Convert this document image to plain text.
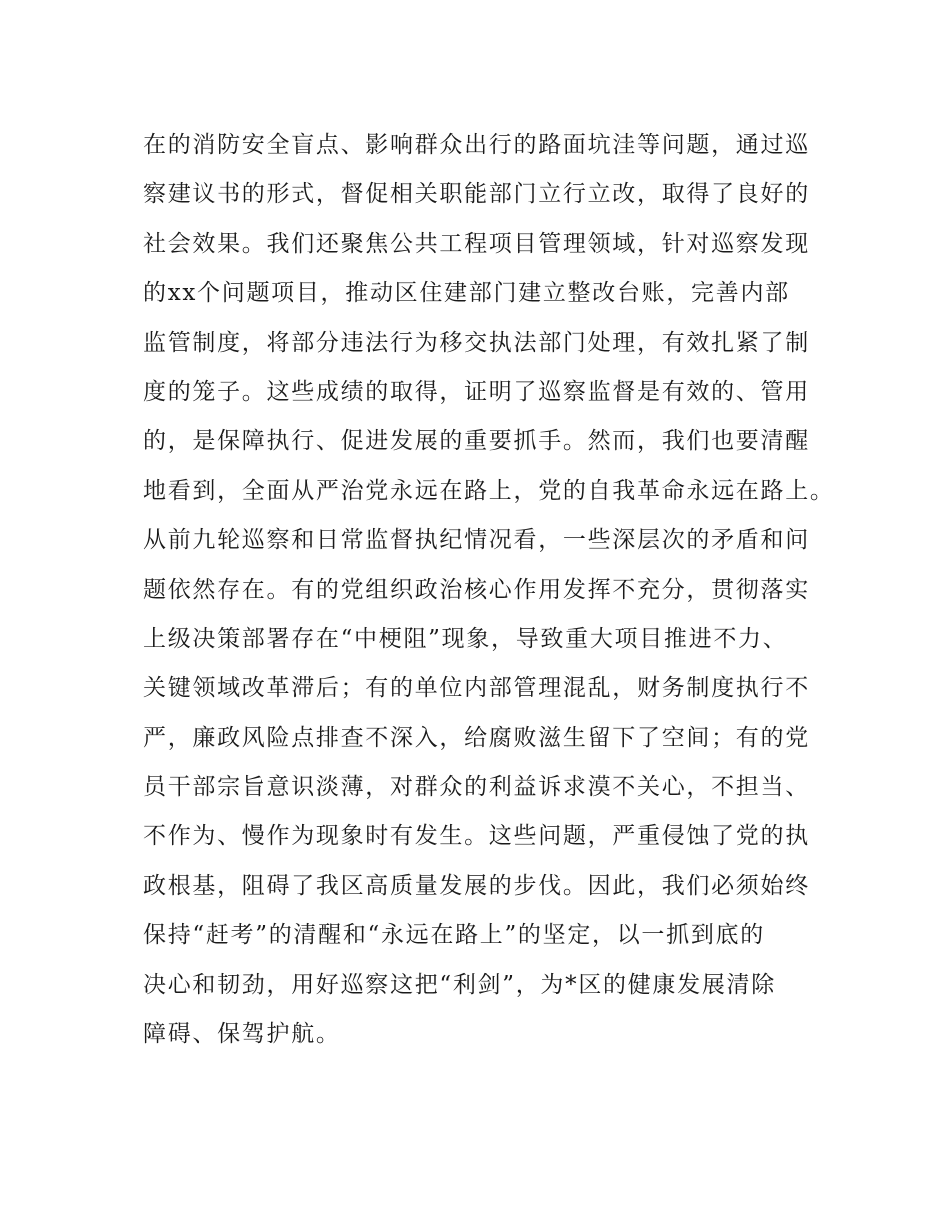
在的消防安全盲点、影响群众出行的路面坑洼等问题，通过巡
察建议书的形式，督促相关职能部门立行立改，取得了良好的
社会效果。我们还聚焦公共工程项目管理领域，针对巡察发现
的xx个问题项目，推动区住建部门建立整改台账，完善内部
监管制度，将部分违法行为移交执法部门处理，有效扎紧了制
度的笼子。这些成绩的取得，证明了巡察监督是有效的、管用
的，是保障执行、促进发展的重要抓手。然而，我们也要清醒
地看到，全面从严治党永远在路上，党的自我革命永远在路上。
从前九轮巡察和日常监督执纪情况看，一些深层次的矛盾和问
题依然存在。有的党组织政治核心作用发挥不充分，贯彻落实
上级决策部署存在“中梗阻”现象，导致重大项目推进不力、
关键领域改革滞后；有的单位内部管理混乱，财务制度执行不
严，廉政风险点排查不深入，给腐败滋生留下了空间；有的党
员干部宗旨意识淡薄，对群众的利益诉求漠不关心，不担当、
不作为、慢作为现象时有发生。这些问题，严重侵蚀了党的执
政根基，阻碍了我区高质量发展的步伐。因此，我们必须始终
保持“赶考”的清醒和“永远在路上”的坚定，以一抓到底的
决心和韧劲，用好巡察这把“利剑”，为*区的健康发展清除
障碍、保驾护航。
